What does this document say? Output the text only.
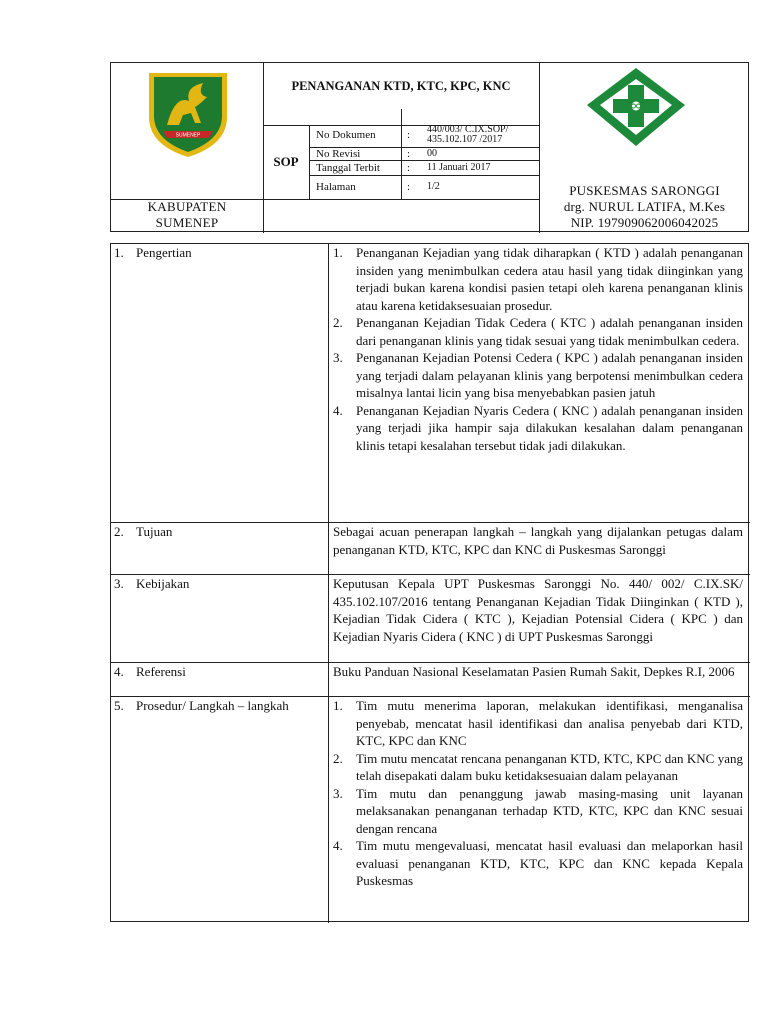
SUMENEP
KABUPATEN
SUMENEP
PENANGANAN KTD, KTC, KPC, KNC
SOP
No Dokumen	: 440/003/ C.IX.SOP/ 435.102.107 /2017
No Revisi	: 00
Tanggal Terbit : 11 Januari 2017
Halaman	: 1/2	PUSKESMAS SARONGGI
drg. NURUL LATIFA, M.Kes
NIP. 197909062006042025
1. Pengertian	1. Penanganan Kejadian yang tidak diharapkan ( KTD ) adalah penanganan insiden yang menimbulkan cedera atau hasil yang tidak diinginkan yang terjadi bukan karena kondisi pasien tetapi oleh karena penanganan klinis atau karena ketidaksesuaian prosedur.
2. Penanganan Kejadian Tidak Cedera ( KTC ) adalah penanganan insiden dari penanganan klinis yang tidak sesuai yang tidak menimbulkan cedera.
3. Pengananan Kejadian Potensi Cedera ( KPC ) adalah penanganan insiden yang terjadi dalam pelayanan klinis yang berpotensi menimbulkan cedera misalnya lantai licin yang bisa menyebabkan pasien jatuh
4. Penanganan Kejadian Nyaris Cedera ( KNC ) adalah penanganan insiden yang terjadi jika hampir saja dilakukan kesalahan dalam penanganan klinis tetapi kesalahan tersebut tidak jadi dilakukan.
2. Tujuan	Sebagai acuan penerapan langkah – langkah yang dijalankan petugas dalam penanganan KTD, KTC, KPC dan KNC di Puskesmas Saronggi
3. Kebijakan	Keputusan Kepala UPT Puskesmas Saronggi No. 440/ 002/ C.IX.SK/ 435.102.107/2016 tentang Penanganan Kejadian Tidak Diinginkan ( KTD ), Kejadian Tidak Cidera ( KTC ), Kejadian Potensial Cidera ( KPC ) dan Kejadian Nyaris Cidera ( KNC ) di UPT Puskesmas Saronggi
4. Referensi	Buku Panduan Nasional Keselamatan Pasien Rumah Sakit, Depkes R.I, 2006
5. Prosedur/ Langkah – langkah	1. Tim mutu menerima laporan, melakukan identifikasi, menganalisa penyebab, mencatat hasil identifikasi dan analisa penyebab dari KTD, KTC, KPC dan KNC
2. Tim mutu mencatat rencana penanganan KTD, KTC, KPC dan KNC yang telah disepakati dalam buku ketidaksesuaian dalam pelayanan
3. Tim mutu dan penanggung jawab masing-masing unit layanan melaksanakan penanganan terhadap KTD, KTC, KPC dan KNC sesuai dengan rencana
4. Tim mutu mengevaluasi, mencatat hasil evaluasi dan melaporkan hasil evaluasi penanganan KTD, KTC, KPC dan KNC kepada Kepala Puskesmas
